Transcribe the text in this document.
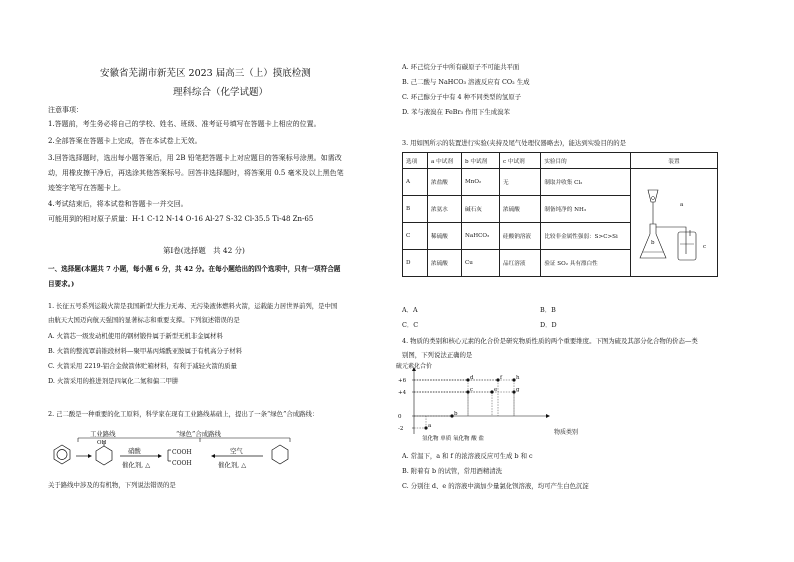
安徽省芜湖市新芜区 2023 届高三（上）摸底检测
理科综合（化学试题）
注意事项：
1.答题前，考生务必将自己的学校、姓名、班级、准考证号填写在答题卡上相应的位置。
2.全部答案在答题卡上完成，答在本试卷上无效。
3.回答选择题时，选出每小题答案后，用 2B 铅笔把答题卡上对应题目的答案标号涂黑。如需改
动，用橡皮擦干净后，再选涂其他答案标号。回答非选择题时，将答案用 0.5 毫米及以上黑色笔
迹签字笔写在答题卡上。
4.考试结束后，将本试卷和答题卡一并交回。
可能用到的相对原子质量：H-1 C-12 N-14 O-16 Al-27 S-32 Cl-35.5 Ti-48 Zn-65
第Ⅰ卷(选择题　共 42 分)
一、选择题(本题共 7 小题，每小题 6 分，共 42 分。在每小题给出的四个选项中，只有一项符合题
目要求。)
1. 长征五号系列运载火箭是我国新型大推力无毒、无污染液体燃料火箭，运载能力居世界前列，是中国
由航天大国迈向航天强国的显著标志和重要支撑。下列叙述错误的是
A. 火箭芯一级发动机使用的钢材锻件属于新型无机非金属材料
B. 火箭的整流罩前锥段材料—聚甲基丙烯酰亚胺属于有机高分子材料
C. 火箭采用 2219-铝合金做箭体贮箱材料，有利于减轻火箭的质量
D. 火箭采用的推进剂是四氧化二氮和偏二甲肼
2. 己二酸是一种重要的化工原料，科学家在现有工业路线基础上，提出了一条“绿色”合成路线：
工业路线	“绿色”合成路线
OH
硝酸
催化剂, △
COOH
COOH
空气
催化剂, △
关于路线中涉及的有机物，下列说法错误的是
A. 环己烷分子中所有碳原子不可能共平面
B. 己二酸与 NaHCO₃ 溶液反应有 CO₂ 生成
C. 环己醇分子中有 4 种不同类型的氢原子
D. 苯与液溴在 FeBr₃ 作用下生成溴苯
3. 用如图所示的装置进行实验(夹持及尾气处理仪器略去)，能达到实验目的的是
选项	a 中试剂	b 中试剂	c 中试剂	实验目的	装置
A	浓盐酸	MnO₂	无	制取并收集 Cl₂	
B	浓氨水	碱石灰	浓硫酸	制备纯净的 NH₃	
C	稀硫酸	NaHCO₃	硅酸钠溶液	比较非金属性强弱：S>C>Si	
D	浓硫酸	Cu	品红溶液	验证 SO₂ 具有漂白性	
a
b
c
A．A	B．B
C．C	D．D
4. 物质的类别和核心元素的化合价是研究物质性质的两个重要维度。下图为硫及其部分化合物的价态—类
别图，下列说法正确的是
硫元素化合价
+6
+4
0
-2
氢化物 单质 氧化物 酸 盐
物质类别
a
b
c
d
e
f
g
h
A. 常温下，a 和 f 的浓溶液反应可生成 b 和 c
B. 附着有 b 的试管，常用酒精清洗
C. 分别往 d、e 的溶液中滴加少量氯化钡溶液，均可产生白色沉淀
